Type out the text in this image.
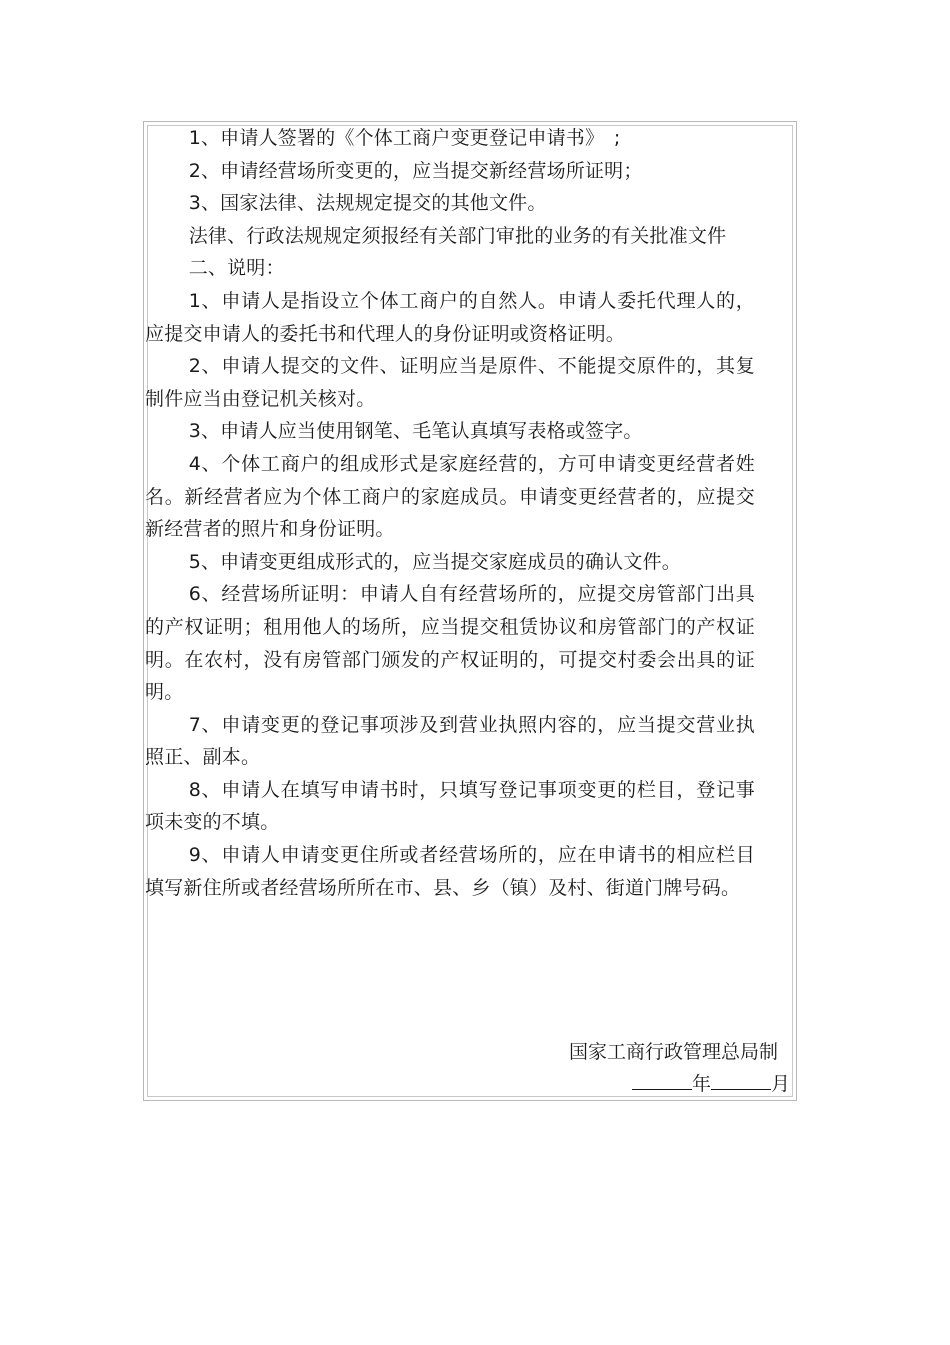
1、申请人签署的《个体工商户变更登记申请书》　;

2、申请经营场所变更的，应当提交新经营场所证明；

3、国家法律、法规规定提交的其他文件。

法律、行政法规规定须报经有关部门审批的业务的有关批准文件

二、说明：

1、申请人是指设立个体工商户的自然人。申请人委托代理人的，应提交申请人的委托书和代理人的身份证明或资格证明。

2、申请人提交的文件、证明应当是原件、不能提交原件的，其复制件应当由登记机关核对。

3、申请人应当使用钢笔、毛笔认真填写表格或签字。

4、个体工商户的组成形式是家庭经营的，方可申请变更经营者姓名。新经营者应为个体工商户的家庭成员。申请变更经营者的，应提交新经营者的照片和身份证明。

5、申请变更组成形式的，应当提交家庭成员的确认文件。

6、经营场所证明：申请人自有经营场所的，应提交房管部门出具的产权证明；租用他人的场所，应当提交租赁协议和房管部门的产权证明。在农村，没有房管部门颁发的产权证明的，可提交村委会出具的证明。

7、申请变更的登记事项涉及到营业执照内容的，应当提交营业执照正、副本。

8、申请人在填写申请书时，只填写登记事项变更的栏目，登记事项未变的不填。

9、申请人申请变更住所或者经营场所的，应在申请书的相应栏目填写新住所或者经营场所所在市、县、乡（镇）及村、街道门牌号码。

国家工商行政管理总局制
年	月
